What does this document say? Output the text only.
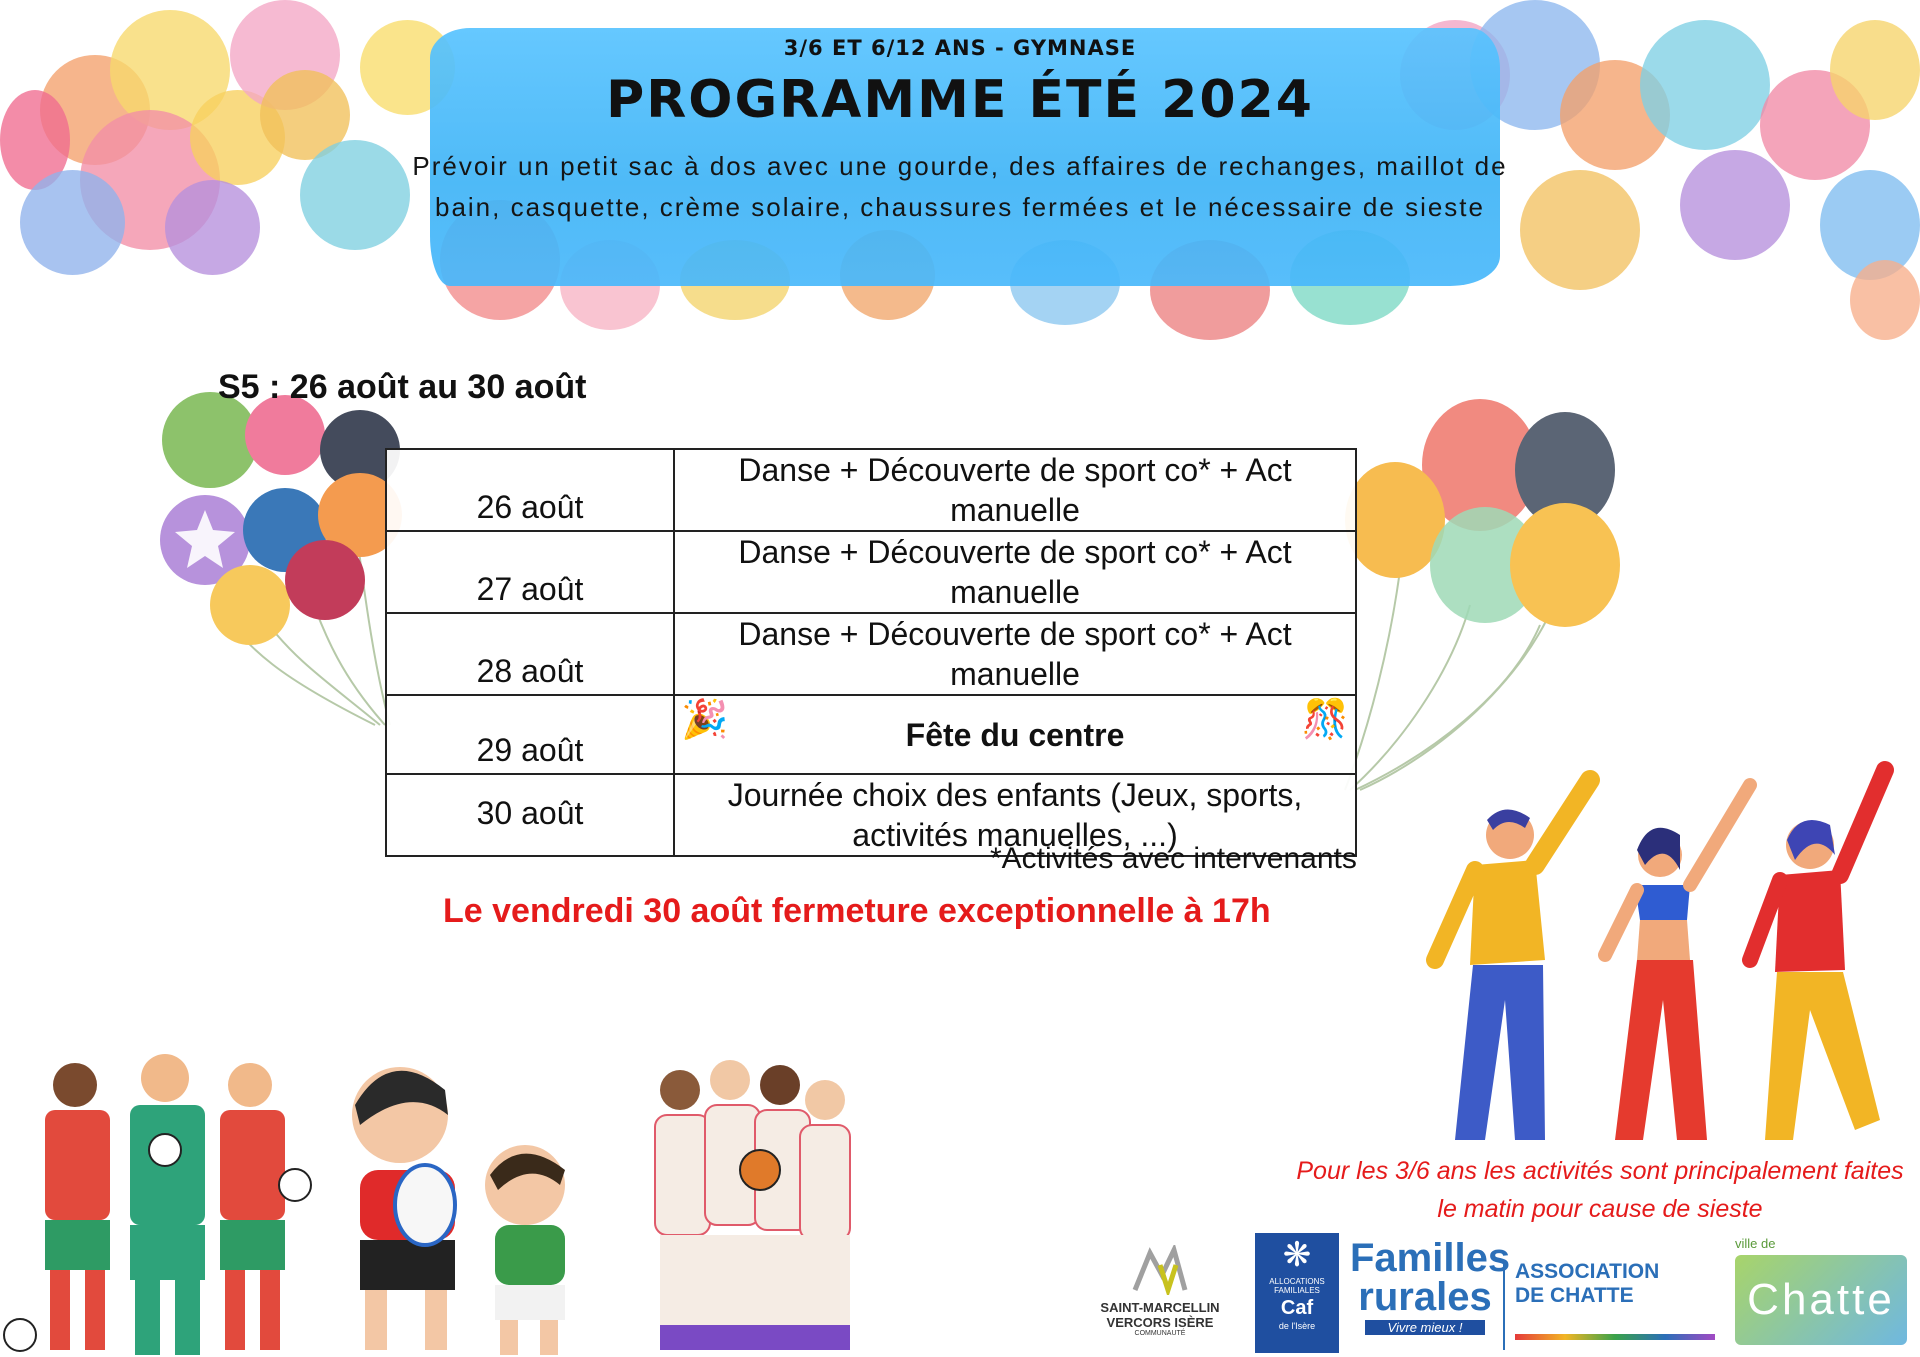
3/6 ET 6/12 ANS - GYMNASE
PROGRAMME ÉTÉ 2024
Prévoir un petit sac à dos avec une gourde, des affaires de rechanges, maillot de bain, casquette, crème solaire, chaussures fermées et le nécessaire de sieste
S5 : 26 août au 30 août
26 août	Danse + Découverte de sport co* + Act manuelle
27 août	Danse + Découverte de sport co* + Act manuelle
28 août	Danse + Découverte de sport co* + Act manuelle
29 août	🎉 Fête du centre 🎊

30 août	Journée choix des enfants (Jeux, sports, activités manuelles, ...)
*Activités avec intervenants
Le vendredi 30 août fermeture exceptionnelle à 17h
Pour les 3/6 ans les activités sont principalement faites le matin pour cause de sieste
SAINT-MARCELLIN
VERCORS ISÈRE
COMMUNAUTÉ
❋
ALLOCATIONS
FAMILIALES
Caf
de l'Isère
Familles
rurales
Vivre mieux !
ASSOCIATION
DE CHATTE
ville de
Chatte
